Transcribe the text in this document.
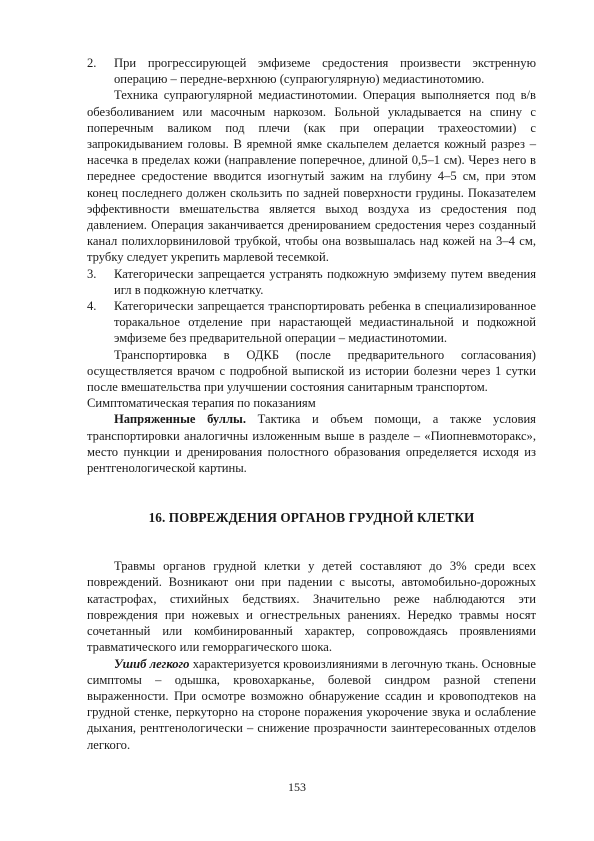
2.	При прогрессирующей эмфиземе средостения произвести экстренную операцию – передне-верхнюю (супраюгулярную) медиастинотомию.

Техника супраюгулярной медиастинотомии. Операция выполняется под в/в обезболиванием или масочным наркозом. Больной укладывается на спину с поперечным валиком под плечи (как при операции трахеостомии) с запрокидыванием головы. В яремной ямке скальпелем делается кожный разрез – насечка в пределах кожи (направление поперечное, длиной 0,5–1 см). Через него в переднее средостение вводится изогнутый зажим на глубину 4–5 см, при этом конец последнего должен скользить по задней поверхности грудины. Показателем эффективности вмешательства является выход воздуха из средостения под давлением. Операция заканчивается дренированием средостения через созданный канал полихлорвиниловой трубкой, чтобы она возвышалась над кожей на 3–4 см, трубку следует укрепить марлевой тесемкой.

3.	Категорически запрещается устранять подкожную эмфизему путем введения игл в подкожную клетчатку.
4.	Категорически запрещается транспортировать ребенка в специализированное торакальное отделение при нарастающей медиастинальной и подкожной эмфиземе без предварительной операции – медиастинотомии.

Транспортировка в ОДКБ (после предварительного согласования) осуществляется врачом с подробной выпиской из истории болезни через 1 сутки после вмешательства при улучшении состояния санитарным транспортом.

Симптоматическая терапия по показаниям

Напряженные буллы. Тактика и объем помощи, а также условия транспортировки аналогичны изложенным выше в разделе – «Пиопневмоторакс», место пункции и дренирования полостного образования определяется исходя из рентгенологической картины.

16. ПОВРЕЖДЕНИЯ ОРГАНОВ ГРУДНОЙ КЛЕТКИ

Травмы органов грудной клетки у детей составляют до 3% среди всех повреждений. Возникают они при падении с высоты, автомобильно-дорожных катастрофах, стихийных бедствиях. Значительно реже наблюдаются эти повреждения при ножевых и огнестрельных ранениях. Нередко травмы носят сочетанный или комбинированный характер, сопровождаясь проявлениями травматического или геморрагического шока.

Ушиб легкого характеризуется кровоизлияниями в легочную ткань. Основные симптомы – одышка, кровохарканье, болевой синдром разной степени выраженности. При осмотре возможно обнаружение ссадин и кровоподтеков на грудной стенке, перкуторно на стороне поражения укорочение звука и ослабление дыхания, рентгенологически – снижение прозрачности заинтересованных отделов легкого.

153
